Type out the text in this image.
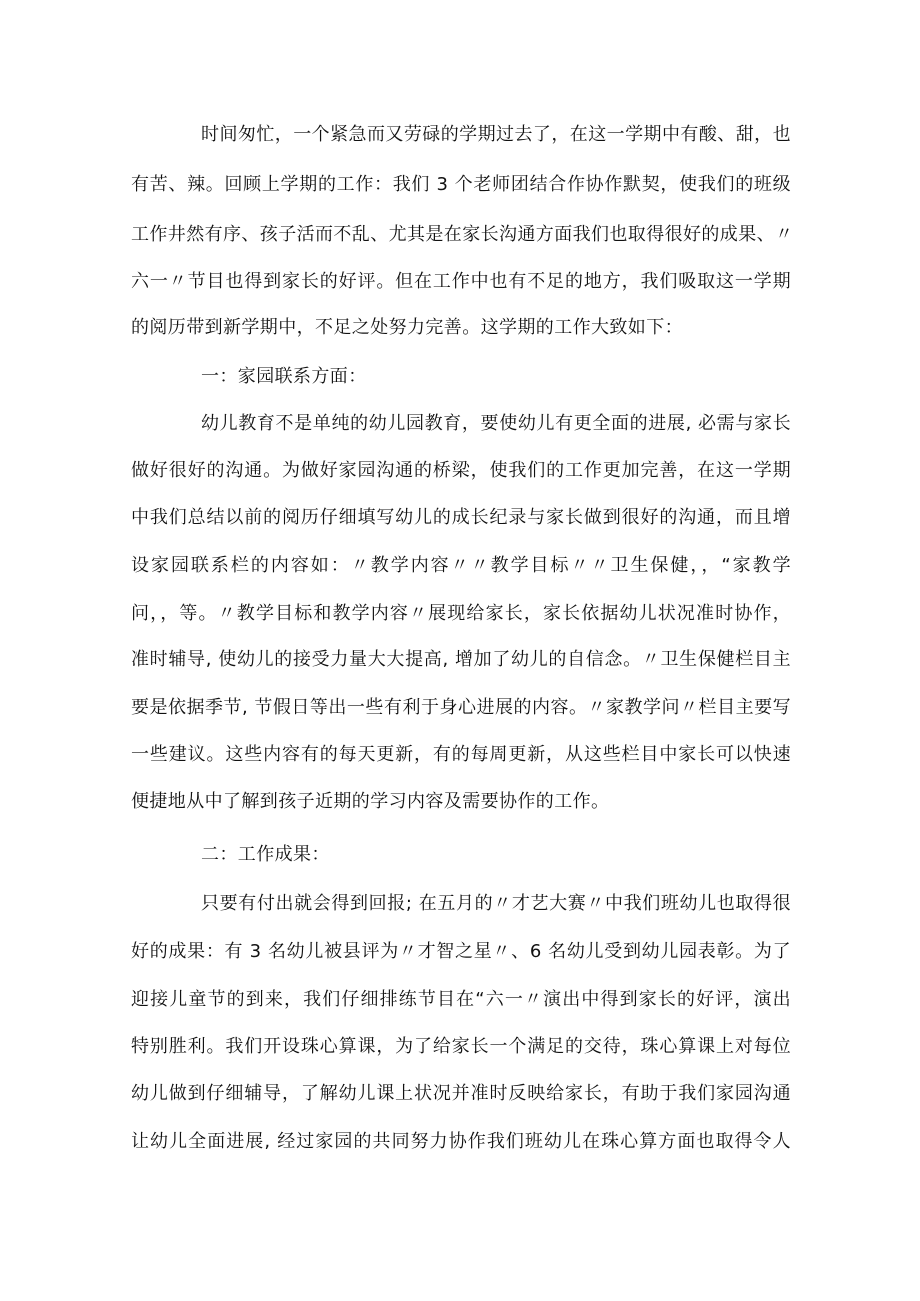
时间匆忙，一个紧急而又劳碌的学期过去了，在这一学期中有酸、甜，也
有苦、辣。回顾上学期的工作：我们 3 个老师团结合作协作默契，使我们的班级
工作井然有序、孩子活而不乱、尤其是在家长沟通方面我们也取得很好的成果、〃
六一〃节目也得到家长的好评。但在工作中也有不足的地方，我们吸取这一学期
的阅历带到新学期中，不足之处努力完善。这学期的工作大致如下：
一：家园联系方面：
幼儿教育不是单纯的幼儿园教育，要使幼儿有更全面的进展, 必需与家长
做好很好的沟通。为做好家园沟通的桥梁，使我们的工作更加完善，在这一学期
中我们总结以前的阅历仔细填写幼儿的成长纪录与家长做到很好的沟通，而且增
设家园联系栏的内容如：〃教学内容〃〃教学目标〃〃卫生保健，，“家教学
问，，等。〃教学目标和教学内容〃展现给家长，家长依据幼儿状况准时协作，
准时辅导, 使幼儿的接受力量大大提高, 增加了幼儿的自信念。〃卫生保健栏目主
要是依据季节, 节假日等出一些有利于身心进展的内容。〃家教学问〃栏目主要写
一些建议。这些内容有的每天更新，有的每周更新，从这些栏目中家长可以快速
便捷地从中了解到孩子近期的学习内容及需要协作的工作。
二：工作成果：
只要有付出就会得到回报; 在五月的〃才艺大赛〃中我们班幼儿也取得很
好的成果：有 3 名幼儿被县评为〃才智之星〃、6 名幼儿受到幼儿园表彰。为了
迎接儿童节的到来，我们仔细排练节目在“六一〃演出中得到家长的好评，演出
特别胜利。我们开设珠心算课，为了给家长一个满足的交待，珠心算课上对每位
幼儿做到仔细辅导，了解幼儿课上状况并准时反映给家长，有助于我们家园沟通
让幼儿全面进展, 经过家园的共同努力协作我们班幼儿在珠心算方面也取得令人
